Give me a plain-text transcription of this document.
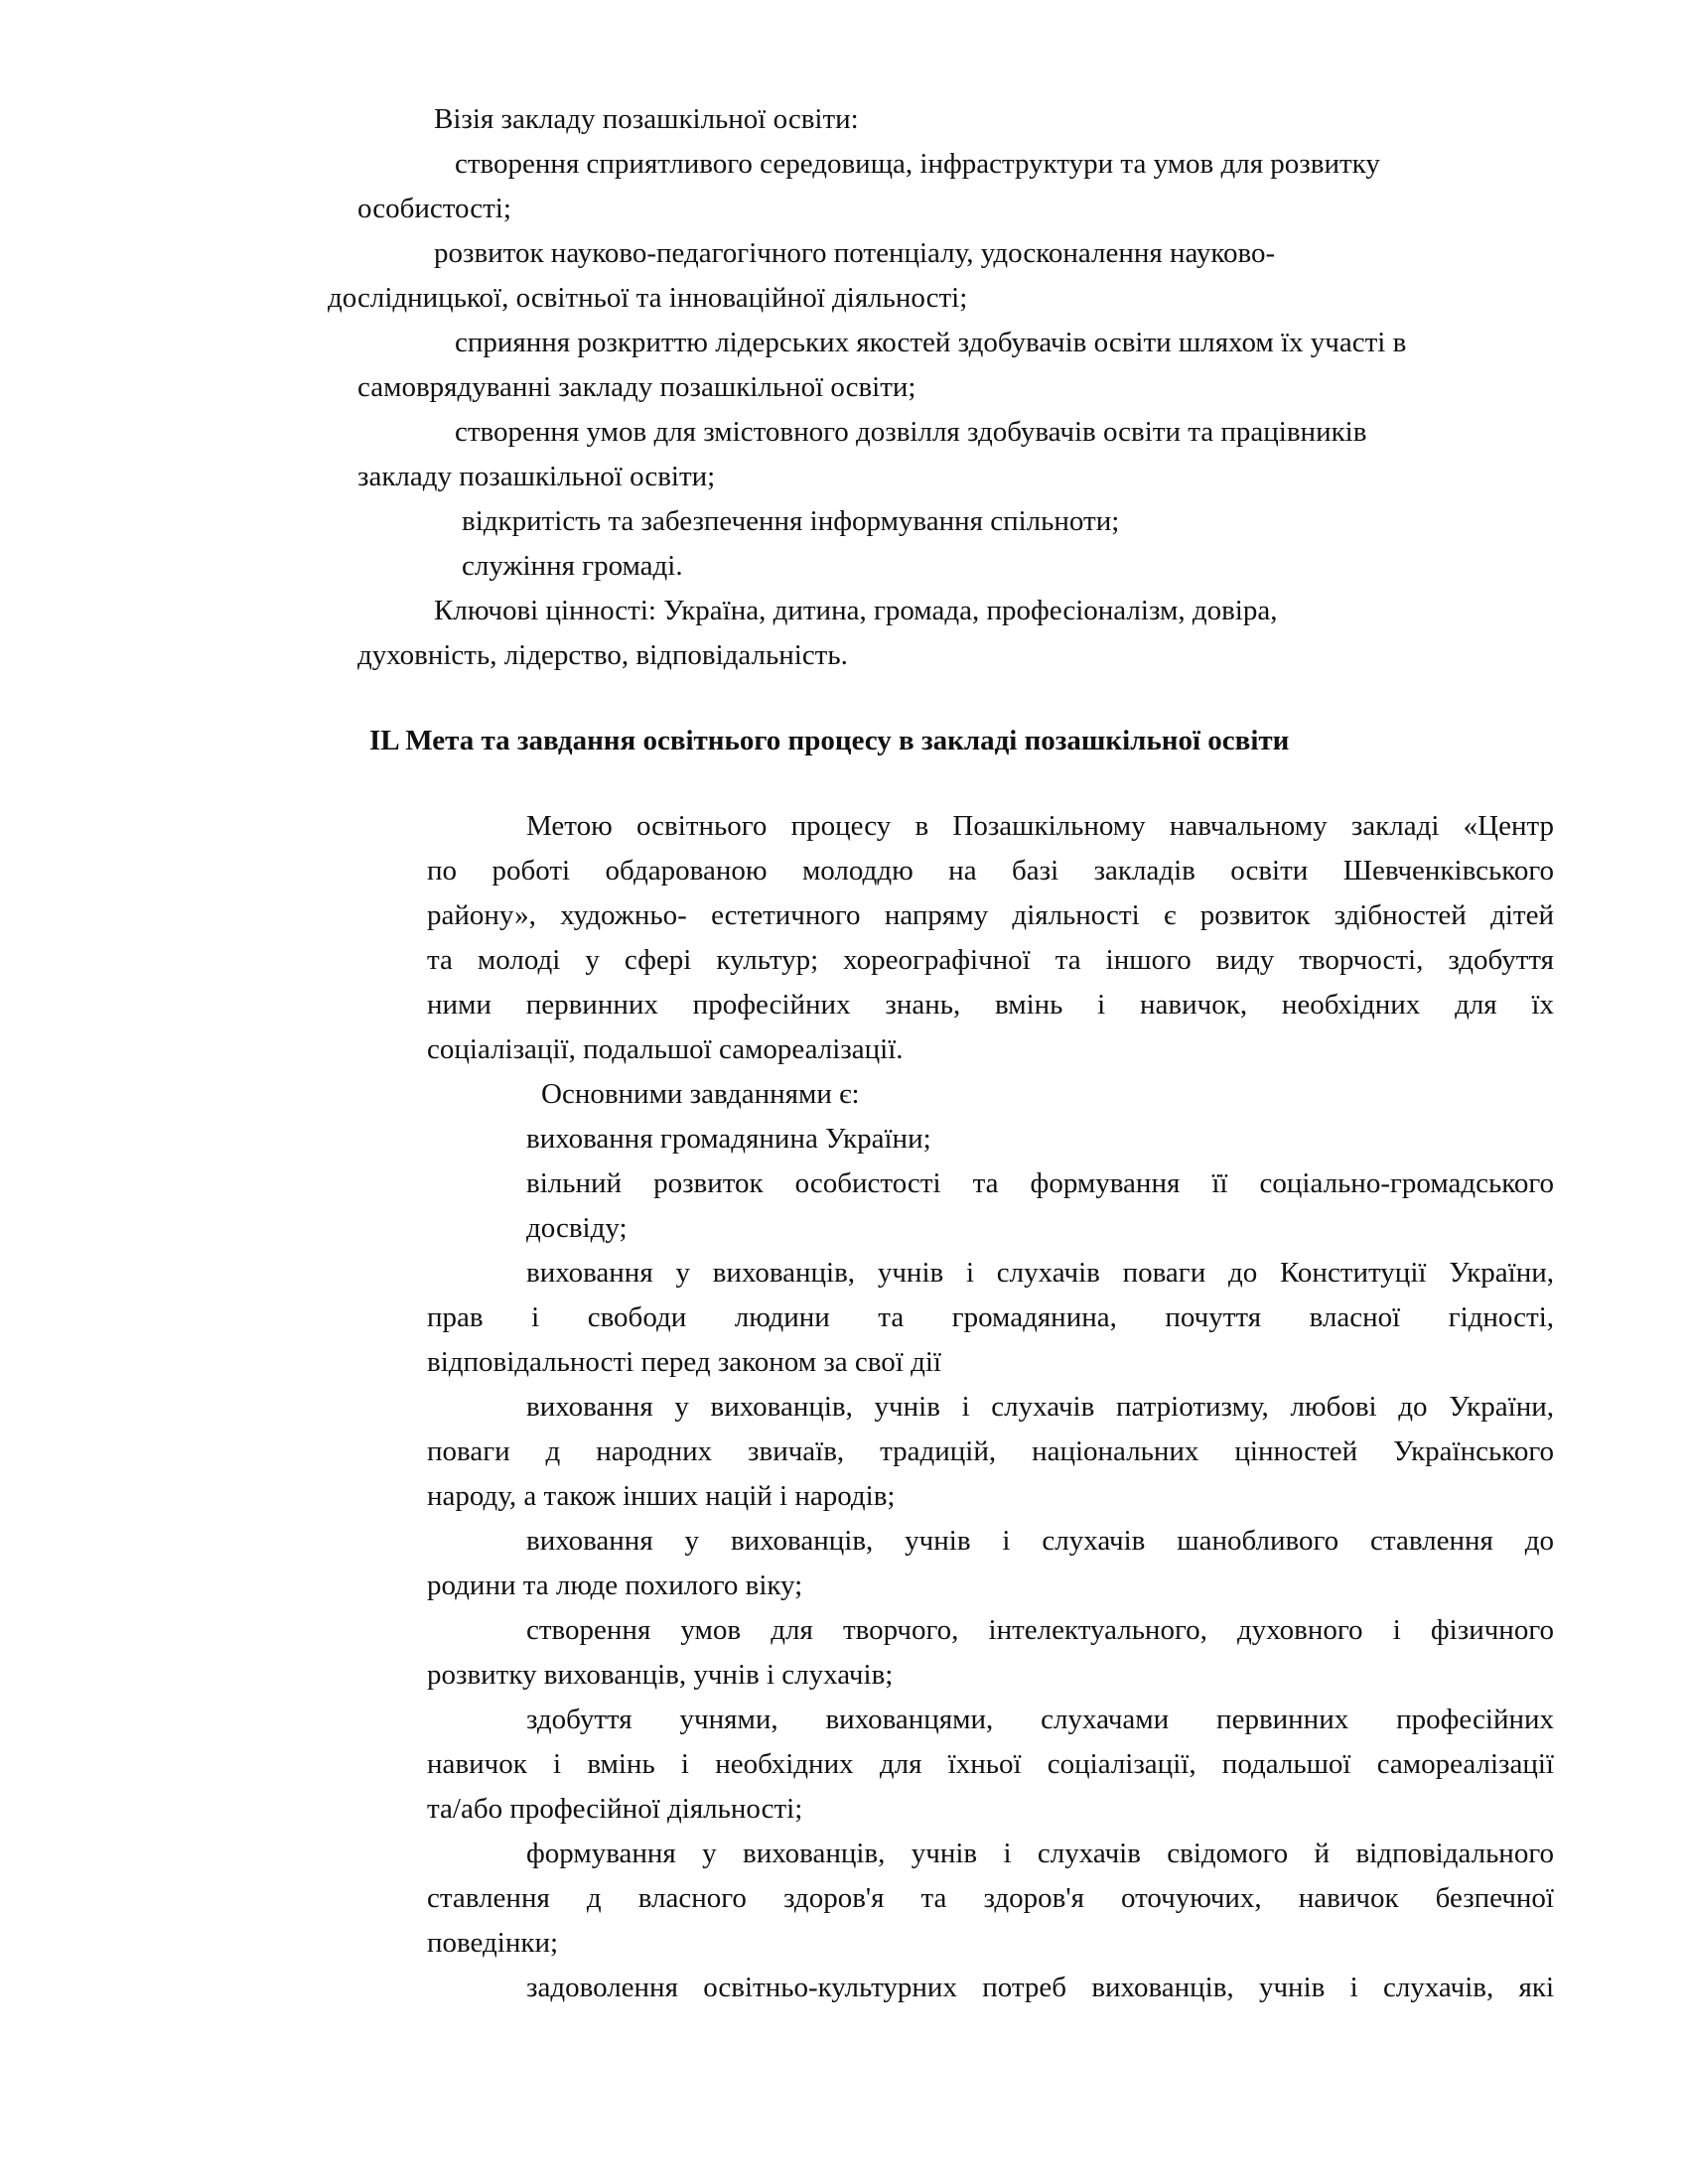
Візія закладу позашкільної освіти:

створення сприятливого середовища, інфраструктури та умов для розвитку

особистості;

розвиток науково-педагогічного потенціалу, удосконалення науково-

дослідницької, освітньої та інноваційної діяльності;

сприяння розкриттю лідерських якостей здобувачів освіти шляхом їх участі в

самоврядуванні закладу позашкільної освіти;

створення умов для змістовного дозвілля здобувачів освіти та працівників

закладу позашкільної освіти;

відкритість та забезпечення інформування спільноти;

служіння громаді.

Ключові цінності: Україна, дитина, громада, професіоналізм, довіра,

духовність, лідерство, відповідальність.

ІL Мета та завдання освітнього процесу в закладі позашкільної освіти

Метою освітнього процесу в Позашкільному навчальному закладі «Центр

по роботі обдарованою молоддю на базі закладів освіти Шевченківського

району», художньо- естетичного напряму діяльності є розвиток здібностей дітей

та молоді у сфері культур; хореографічної та іншого виду творчості, здобуття

ними первинних професійних знань, вмінь і навичок, необхідних для їх

соціалізації, подальшої самореалізації.

Основними завданнями є:

виховання громадянина України;

вільний розвиток особистості та формування її соціально-громадського

досвіду;

виховання у вихованців, учнів і слухачів поваги до Конституції України,

прав і свободи людини та громадянина, почуття власної гідності,

відповідальності перед законом за свої дії

виховання у вихованців, учнів і слухачів патріотизму, любові до України,

поваги д народних звичаїв, традицій, національних цінностей Українського

народу, а також інших націй і народів;

виховання у вихованців, учнів і слухачів шанобливого ставлення до

родини та люде похилого віку;

створення умов для творчого, інтелектуального, духовного і фізичного

розвитку вихованців, учнів і слухачів;

здобуття учнями, вихованцями, слухачами первинних професійних

навичок і вмінь і необхідних для їхньої соціалізації, подальшої самореалізації

та/або професійної діяльності;

формування у вихованців, учнів і слухачів свідомого й відповідального

ставлення д власного здоров'я та здоров'я оточуючих, навичок безпечної

поведінки;

задоволення освітньо-культурних потреб вихованців, учнів і слухачів, які
